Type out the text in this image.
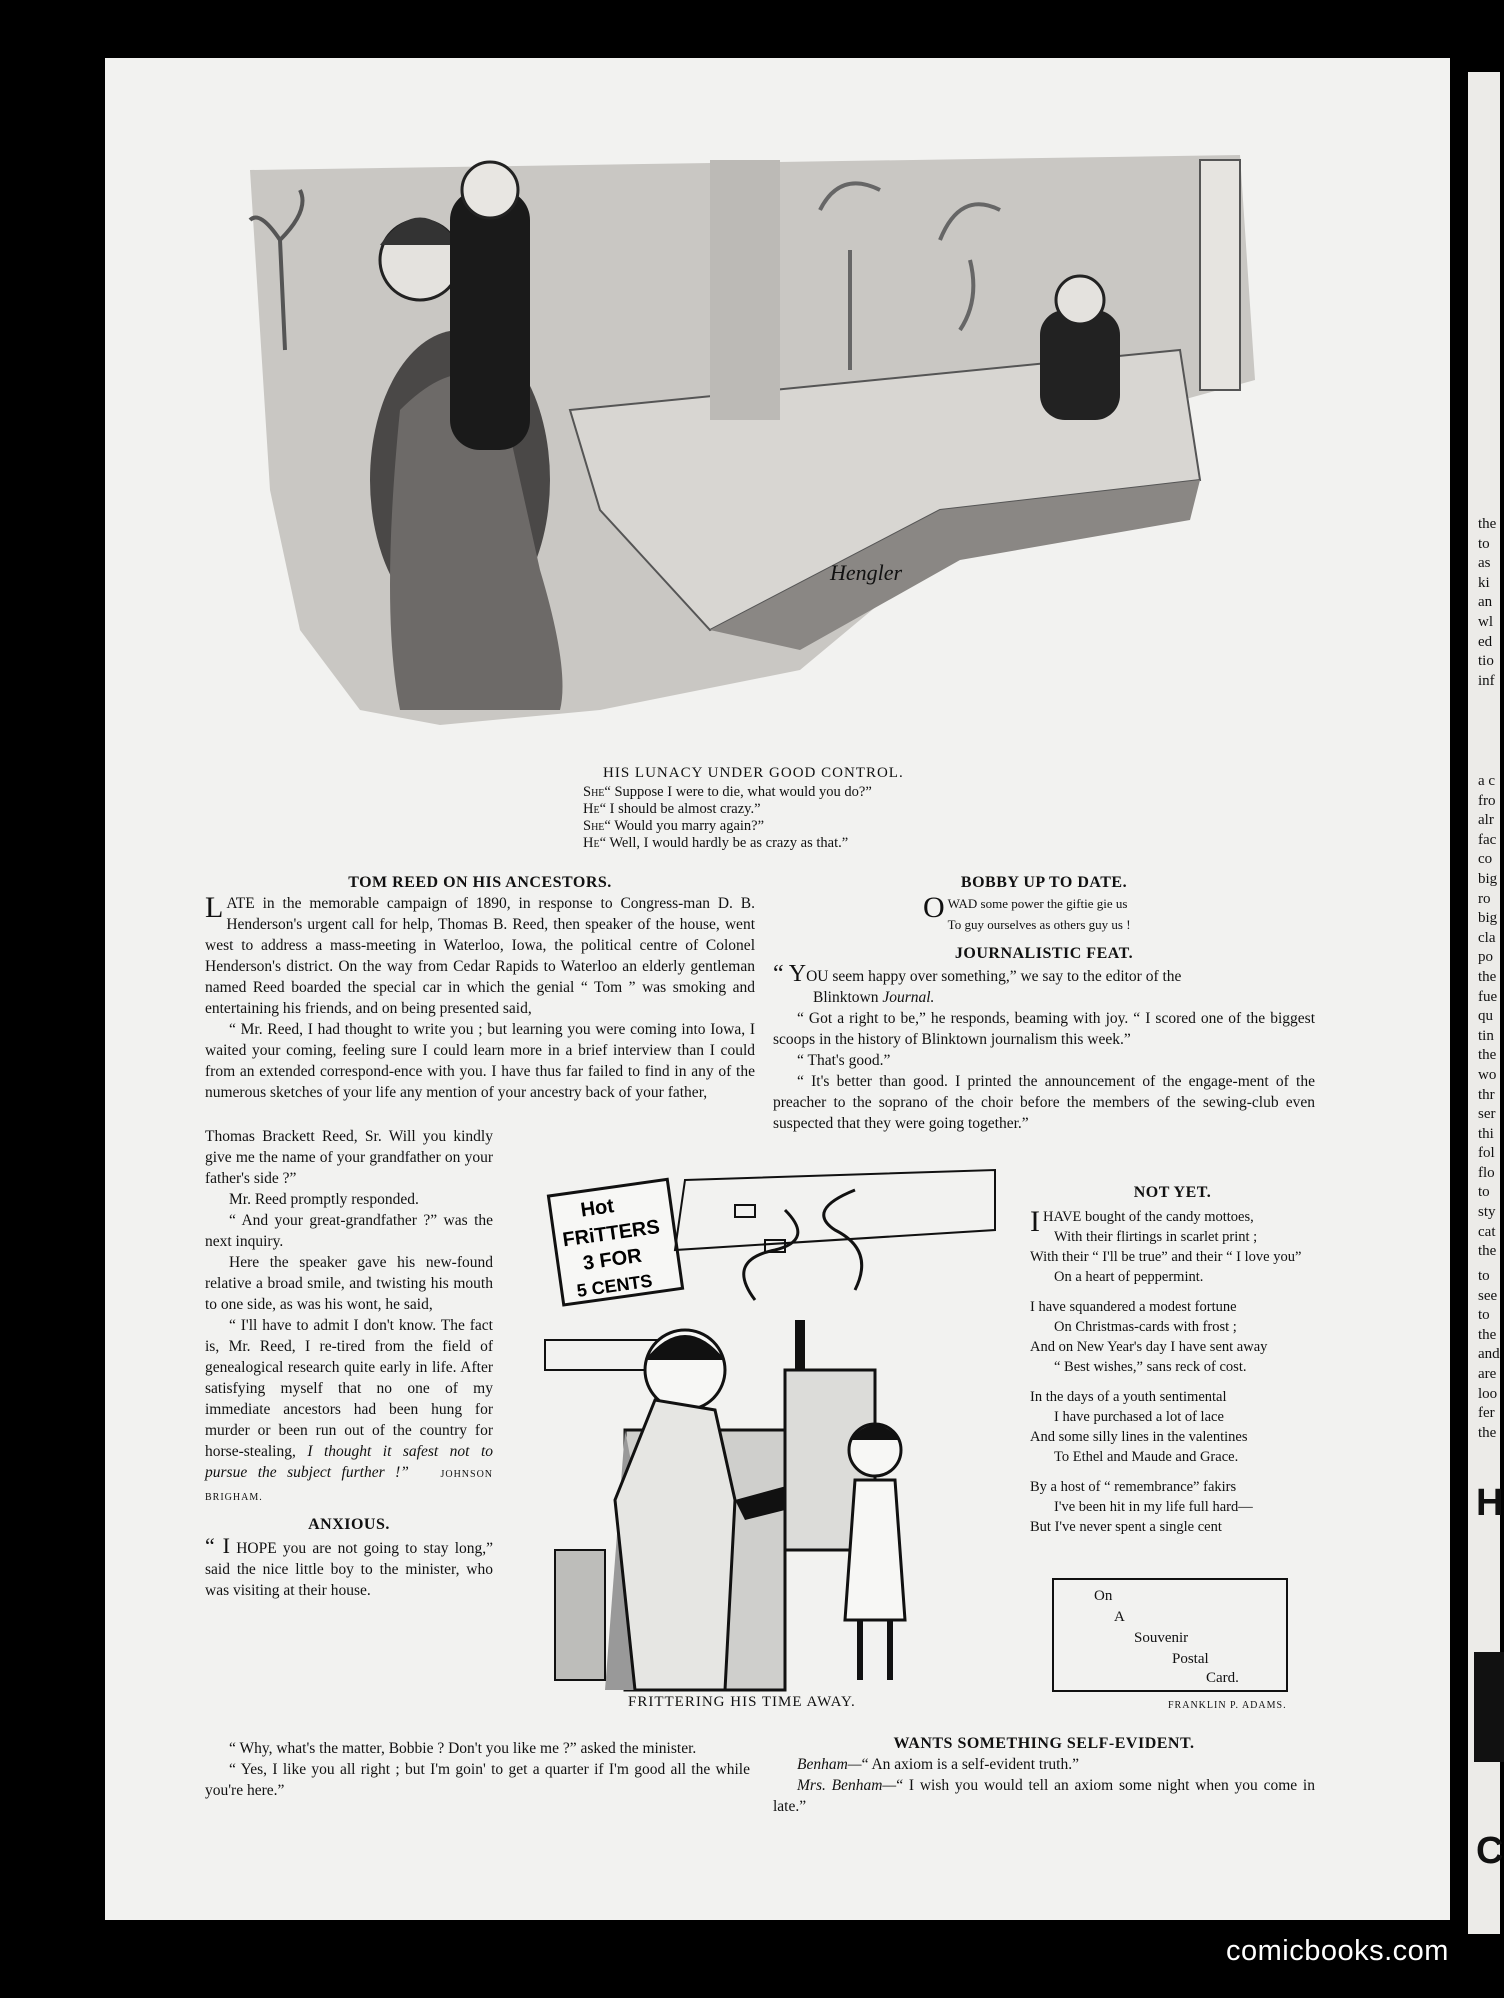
Hengler
HIS LUNACY UNDER GOOD CONTROL.
She“ Suppose I were to die, what would you do?”
He“ I should be almost crazy.”
She“ Would you marry again?”
He“ Well, I would hardly be as crazy as that.”

TOM REED ON HIS ANCESTORS.

LATE in the memorable campaign of 1890, in response to Congress-man D. B. Henderson's urgent call for help, Thomas B. Reed, then speaker of the house, went west to address a mass-meeting in Waterloo, Iowa, the political centre of Colonel Henderson's district. On the way from Cedar Rapids to Waterloo an elderly gentleman named Reed boarded the special car in which the genial “ Tom ” was smoking and entertaining his friends, and on being presented said,

“ Mr. Reed, I had thought to write you ; but learning you were coming into Iowa, I waited your coming, feeling sure I could learn more in a brief interview than I could from an extended correspond-ence with you. I have thus far failed to find in any of the numerous sketches of your life any mention of your ancestry back of your father,

Thomas Brackett Reed, Sr. Will you kindly give me the name of your grandfather on your father's side ?”

Mr. Reed promptly responded.

“ And your great-grandfather ?” was the next inquiry.

Here the speaker gave his new-found relative a broad smile, and twisting his mouth to one side, as was his wont, he said,

“ I'll have to admit I don't know. The fact is, Mr. Reed, I re-tired from the field of genealogical research quite early in life. After satisfying myself that no one of my immediate ancestors had been hung for murder or been run out of the country for horse-stealing, I thought it safest not to pursue the subject further !”	JOHNSON BRIGHAM.

ANXIOUS.

“ I HOPE you are not going to stay long,” said the nice little boy to the minister, who was visiting at their house.

“ Why, what's the matter, Bobbie ? Don't you like me ?” asked the minister.

“ Yes, I like you all right ; but I'm goin' to get a quarter if I'm good all the while you're here.”

BOBBY UP TO DATE.

OWAD some power the giftie gie us

To guy ourselves as others guy us !

JOURNALISTIC FEAT.

“ YOU seem happy over something,” we say to the editor of the
Blinktown Journal.

“ Got a right to be,” he responds, beaming with joy. “ I scored one of the biggest scoops in the history of Blinktown journalism this week.”

“ That's good.”

“ It's better than good. I printed the announcement of the engage-ment of the preacher to the soprano of the choir before the members of the sewing-club even suspected that they were going together.”

NOT YET.

IHAVE bought of the candy mottoes,

With their flirtings in scarlet print ;

With their “ I'll be true” and their “ I love you”

On a heart of peppermint.

I have squandered a modest fortune

On Christmas-cards with frost ;

And on New Year's day I have sent away

“ Best wishes,” sans reck of cost.

In the days of a youth sentimental

I have purchased a lot of lace

And some silly lines in the valentines

To Ethel and Maude and Grace.

By a host of “ remembrance” fakirs

I've been hit in my life full hard—

But I've never spent a single cent

On
A
Souvenir
Postal
Card.
FRANKLIN P. ADAMS.
Hot
FRiTTERS
3 FOR
5 CENTS
FRITTERING HIS TIME AWAY.

WANTS SOMETHING SELF-EVIDENT.

Benham—“ An axiom is a self-evident truth.”

Mrs. Benham—“ I wish you would tell an axiom some night when you come in late.”

the
to
as
ki
an
wl
ed
tio
inf
a c
fro
alr
fac
co
big
ro
big
cla
po
the
fue
qu
tin
the
wo
thr
ser
thi
fol
flo
to
sty
cat
the
to
see
to
the
and
are
loo
fer
the
H
C
comicbooks.com
